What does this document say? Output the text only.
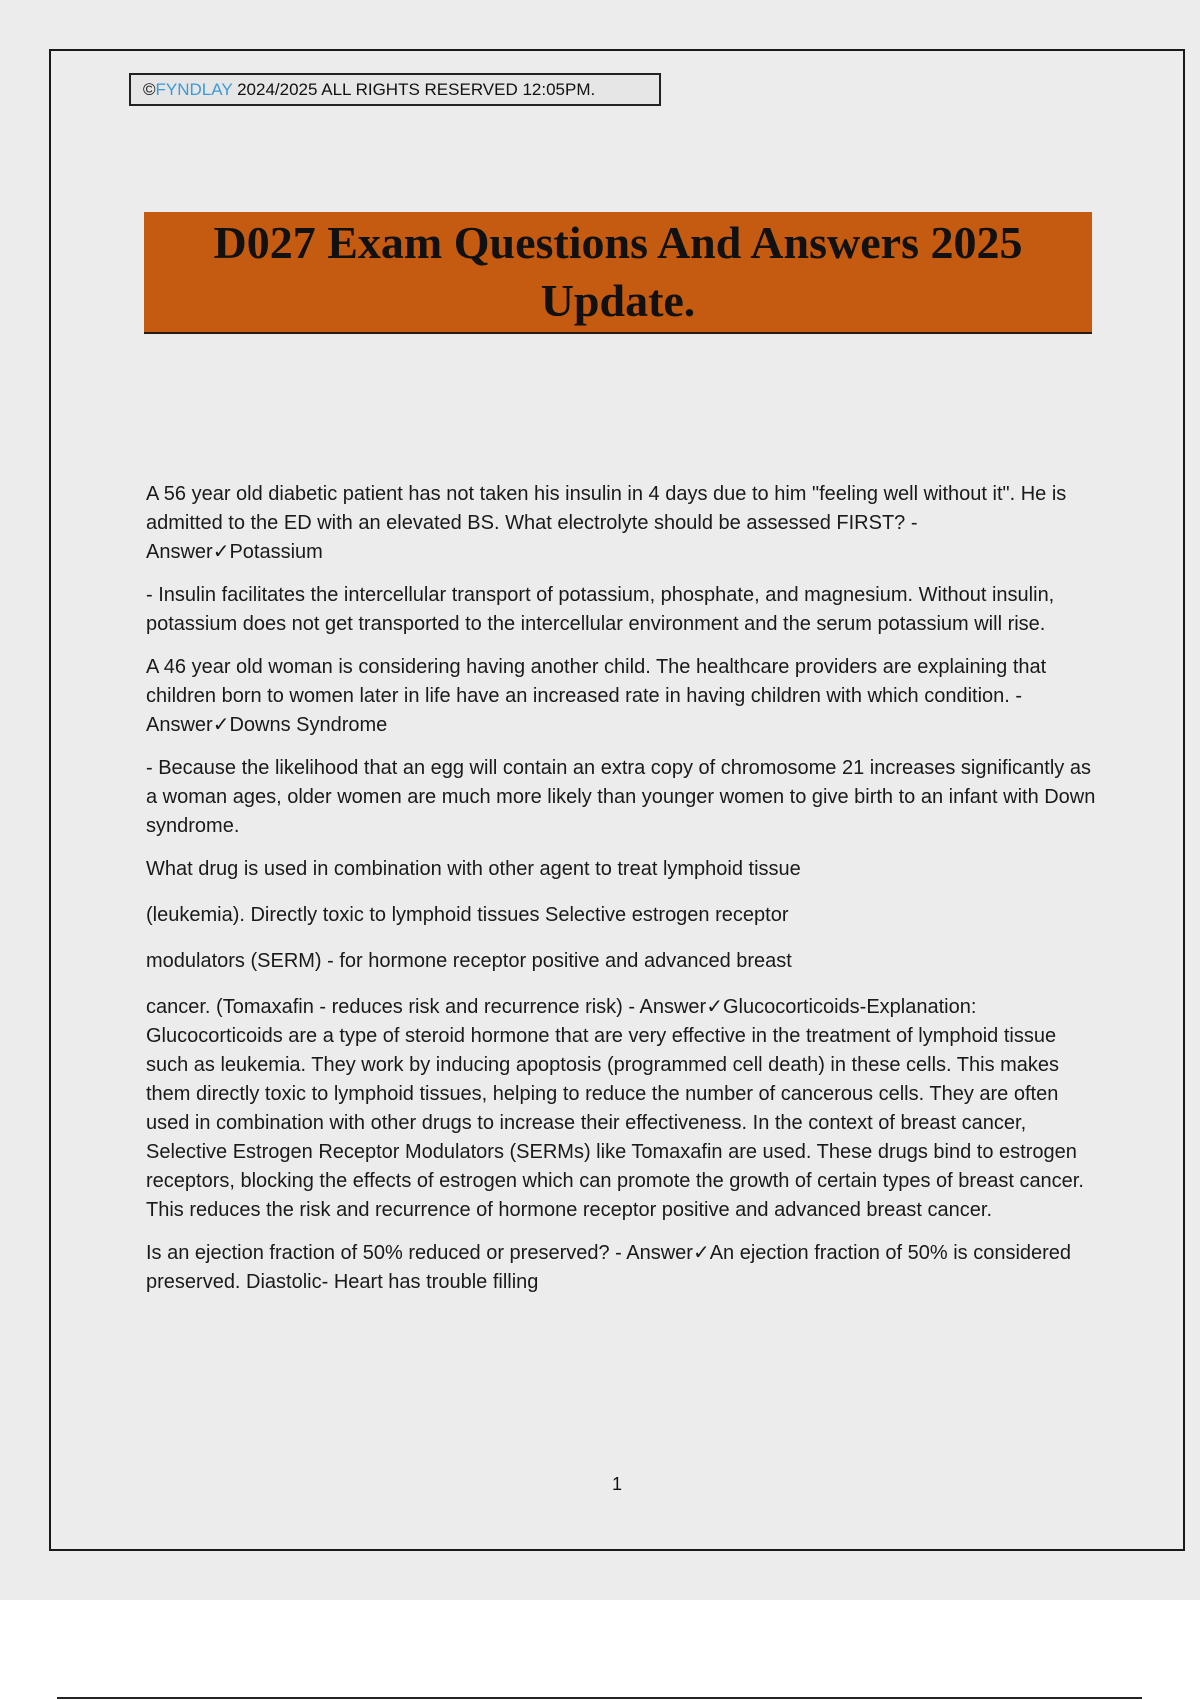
©FYNDLAY 2024/2025 ALL RIGHTS RESERVED 12:05PM.
D027 Exam Questions And Answers 2025
Update.

A 56 year old diabetic patient has not taken his insulin in 4 days due to him "feeling well without it". He is admitted to the ED with an elevated BS. What electrolyte should be assessed FIRST? - Answer✓Potassium

- Insulin facilitates the intercellular transport of potassium, phosphate, and magnesium. Without insulin, potassium does not get transported to the intercellular environment and the serum potassium will rise.

A 46 year old woman is considering having another child. The healthcare providers are explaining that children born to women later in life have an increased rate in having children with which condition. - Answer✓Downs Syndrome

- Because the likelihood that an egg will contain an extra copy of chromosome 21 increases significantly as a woman ages, older women are much more likely than younger women to give birth to an infant with Down syndrome.

What drug is used in combination with other agent to treat lymphoid tissue

(leukemia). Directly toxic to lymphoid tissues Selective estrogen receptor

modulators (SERM) - for hormone receptor positive and advanced breast

cancer. (Tomaxafin - reduces risk and recurrence risk) - Answer✓Glucocorticoids-Explanation: Glucocorticoids are a type of steroid hormone that are very effective in the treatment of lymphoid tissue such as leukemia. They work by inducing apoptosis (programmed cell death) in these cells. This makes them directly toxic to lymphoid tissues, helping to reduce the number of cancerous cells. They are often used in combination with other drugs to increase their effectiveness. In the context of breast cancer, Selective Estrogen Receptor Modulators (SERMs) like Tomaxafin are used. These drugs bind to estrogen receptors, blocking the effects of estrogen which can promote the growth of certain types of breast cancer. This reduces the risk and recurrence of hormone receptor positive and advanced breast cancer.

Is an ejection fraction of 50% reduced or preserved? - Answer✓An ejection fraction of 50% is considered preserved. Diastolic- Heart has trouble filling

1
